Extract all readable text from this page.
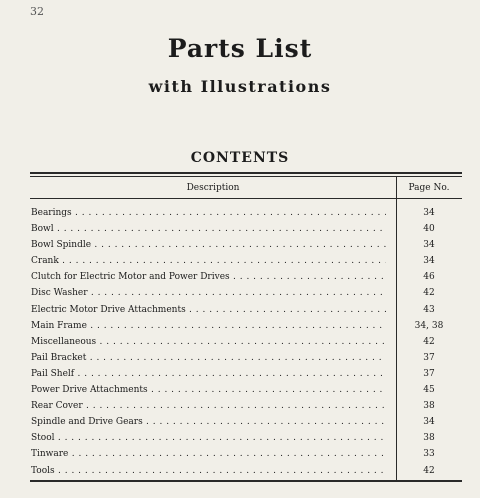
32
Parts List
with Illustrations
CONTENTS
Description	Page No.
Bearings . . .	34
Bowl . . .	40
Bowl Spindle . . .	34
Crank . . .	34
Clutch for Electric Motor and Power Drives . . .	46
Disc Washer . . .	42
Electric Motor Drive Attachments . . .	43
Main Frame . . .	34, 38
Miscellaneous . . .	42
Pail Bracket . . .	37
Pail Shelf . . .	37
Power Drive Attachments . . .	45
Rear Cover . . .	38
Spindle and Drive Gears . . .	34
Stool . . .	38
Tinware . . .	33
Tools . . .	42
